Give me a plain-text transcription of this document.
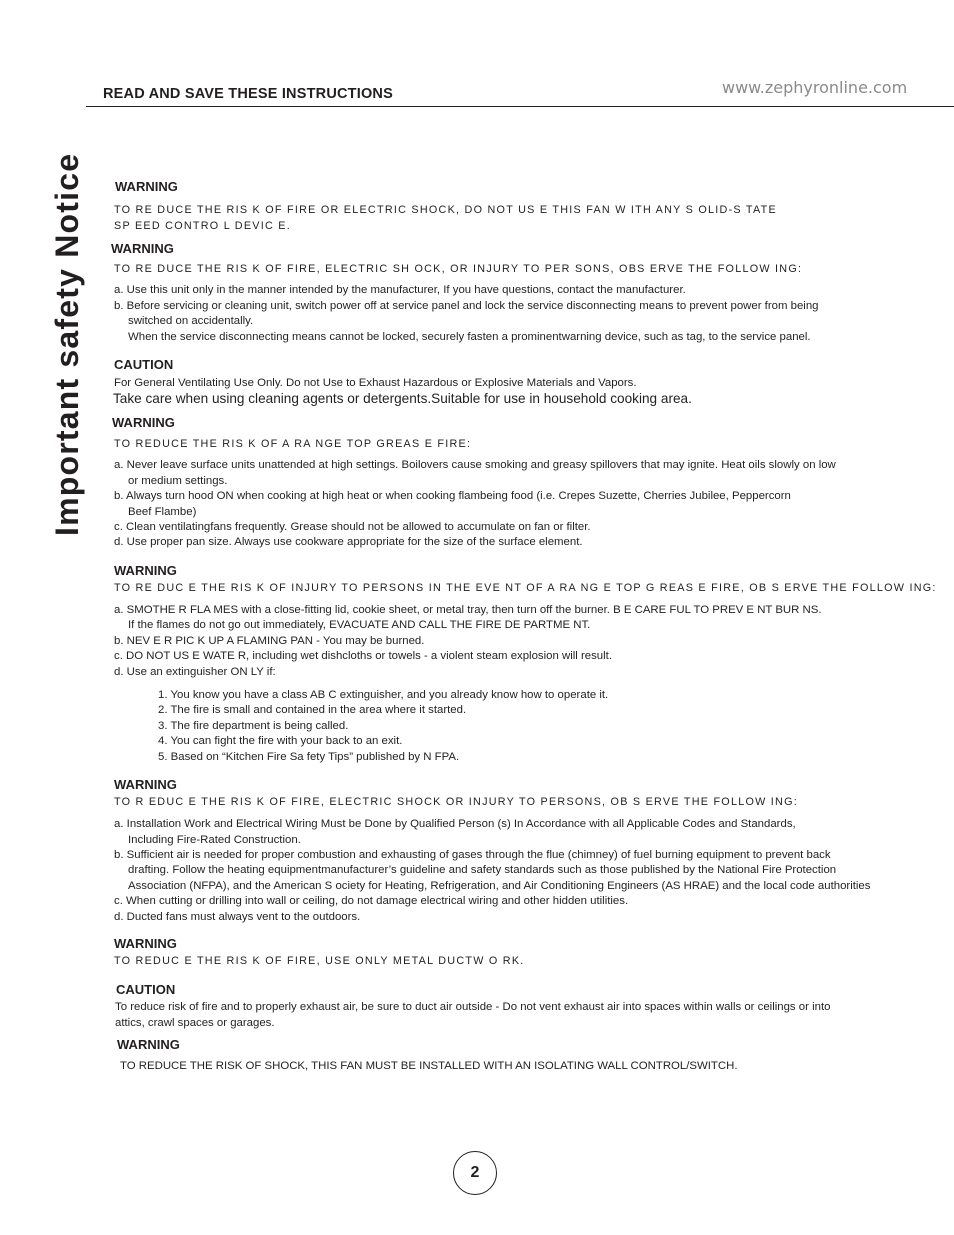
www.zephyronline.com
READ AND SAVE THESE INSTRUCTIONS
Important safety Notice WARNING
TO RE DUCE THE RIS K OF FIRE OR ELECTRIC SHOCK, DO NOT US E THIS FAN W ITH ANY S OLID-S TATE
SP EED CONTRO L DEVIC E.
WARNING
TO RE DUCE THE RIS K OF FIRE, ELECTRIC SH OCK, OR INJURY TO PER SONS, OBS ERVE THE FOLLOW ING:
a. Use this unit only in the manner intended by the manufacturer, If you have questions, contact the manufacturer.
b. Before servicing or cleaning unit, switch power off at service panel and lock the service disconnecting means to prevent power from being
switched on accidentally.
When the service disconnecting means cannot be locked, securely fasten a prominentwarning device, such as tag, to the service panel.
CAUTION
For General Ventilating Use Only. Do not Use to Exhaust Hazardous or Explosive Materials and Vapors.
Take care when using cleaning agents or detergents.Suitable for use in household cooking area.
WARNING
TO REDUCE THE RIS K OF A RA NGE TOP GREAS E FIRE:
a. Never leave surface units unattended at high settings. Boilovers cause smoking and greasy spillovers that may ignite. Heat oils slowly on low
or medium settings.
b. Always turn hood ON when cooking at high heat or when cooking flambeing food (i.e. Crepes Suzette, Cherries Jubilee, Peppercorn
Beef Flambe)
c. Clean ventilatingfans frequently. Grease should not be allowed to accumulate on fan or filter.
d. Use proper pan size. Always use cookware appropriate for the size of the surface element.
WARNING
TO RE DUC E THE RIS K OF INJURY TO PERSONS IN THE EVE NT OF A RA NG E TOP G REAS E FIRE, OB S ERVE THE FOLLOW ING:
a. SMOTHE R FLA MES with a close-fitting lid, cookie sheet, or metal tray, then turn off the burner. B E CARE FUL TO PREV E NT BUR NS.
If the flames do not go out immediately, EVACUATE AND CALL THE FIRE DE PARTME NT.
b. NEV E R PIC K UP A FLAMING PAN - You may be burned.
c. DO NOT US E WATE R, including wet dishcloths or towels - a violent steam explosion will result.
d. Use an extinguisher ON LY if:
1. You know you have a class AB C extinguisher, and you already know how to operate it.
2. The fire is small and contained in the area where it started.
3. The fire department is being called.
4. You can fight the fire with your back to an exit.
5. Based on “Kitchen Fire Sa fety Tips” published by N FPA.
WARNING
TO R EDUC E THE RIS K OF FIRE, ELECTRIC SHOCK OR INJURY TO PERSONS, OB S ERVE THE FOLLOW ING:
a. Installation Work and Electrical Wiring Must be Done by Qualified Person (s) In Accordance with all Applicable Codes and Standards,
Including Fire-Rated Construction.
b. Sufficient air is needed for proper combustion and exhausting of gases through the flue (chimney) of fuel burning equipment to prevent back
drafting. Follow the heating equipmentmanufacturer’s guideline and safety standards such as those published by the National Fire Protection
Association (NFPA), and the American S ociety for Heating, Refrigeration, and Air Conditioning Engineers (AS HRAE) and the local code authorities
c. When cutting or drilling into wall or ceiling, do not damage electrical wiring and other hidden utilities.
d. Ducted fans must always vent to the outdoors.
WARNING
TO REDUC E THE RIS K OF FIRE, USE ONLY METAL DUCTW O RK.
CAUTION
To reduce risk of fire and to properly exhaust air, be sure to duct air outside - Do not vent exhaust air into spaces within walls or ceilings or into
attics, crawl spaces or garages.
WARNING
TO REDUCE THE RISK OF SHOCK, THIS FAN MUST BE INSTALLED WITH AN ISOLATING WALL CONTROL/SWITCH.
2
